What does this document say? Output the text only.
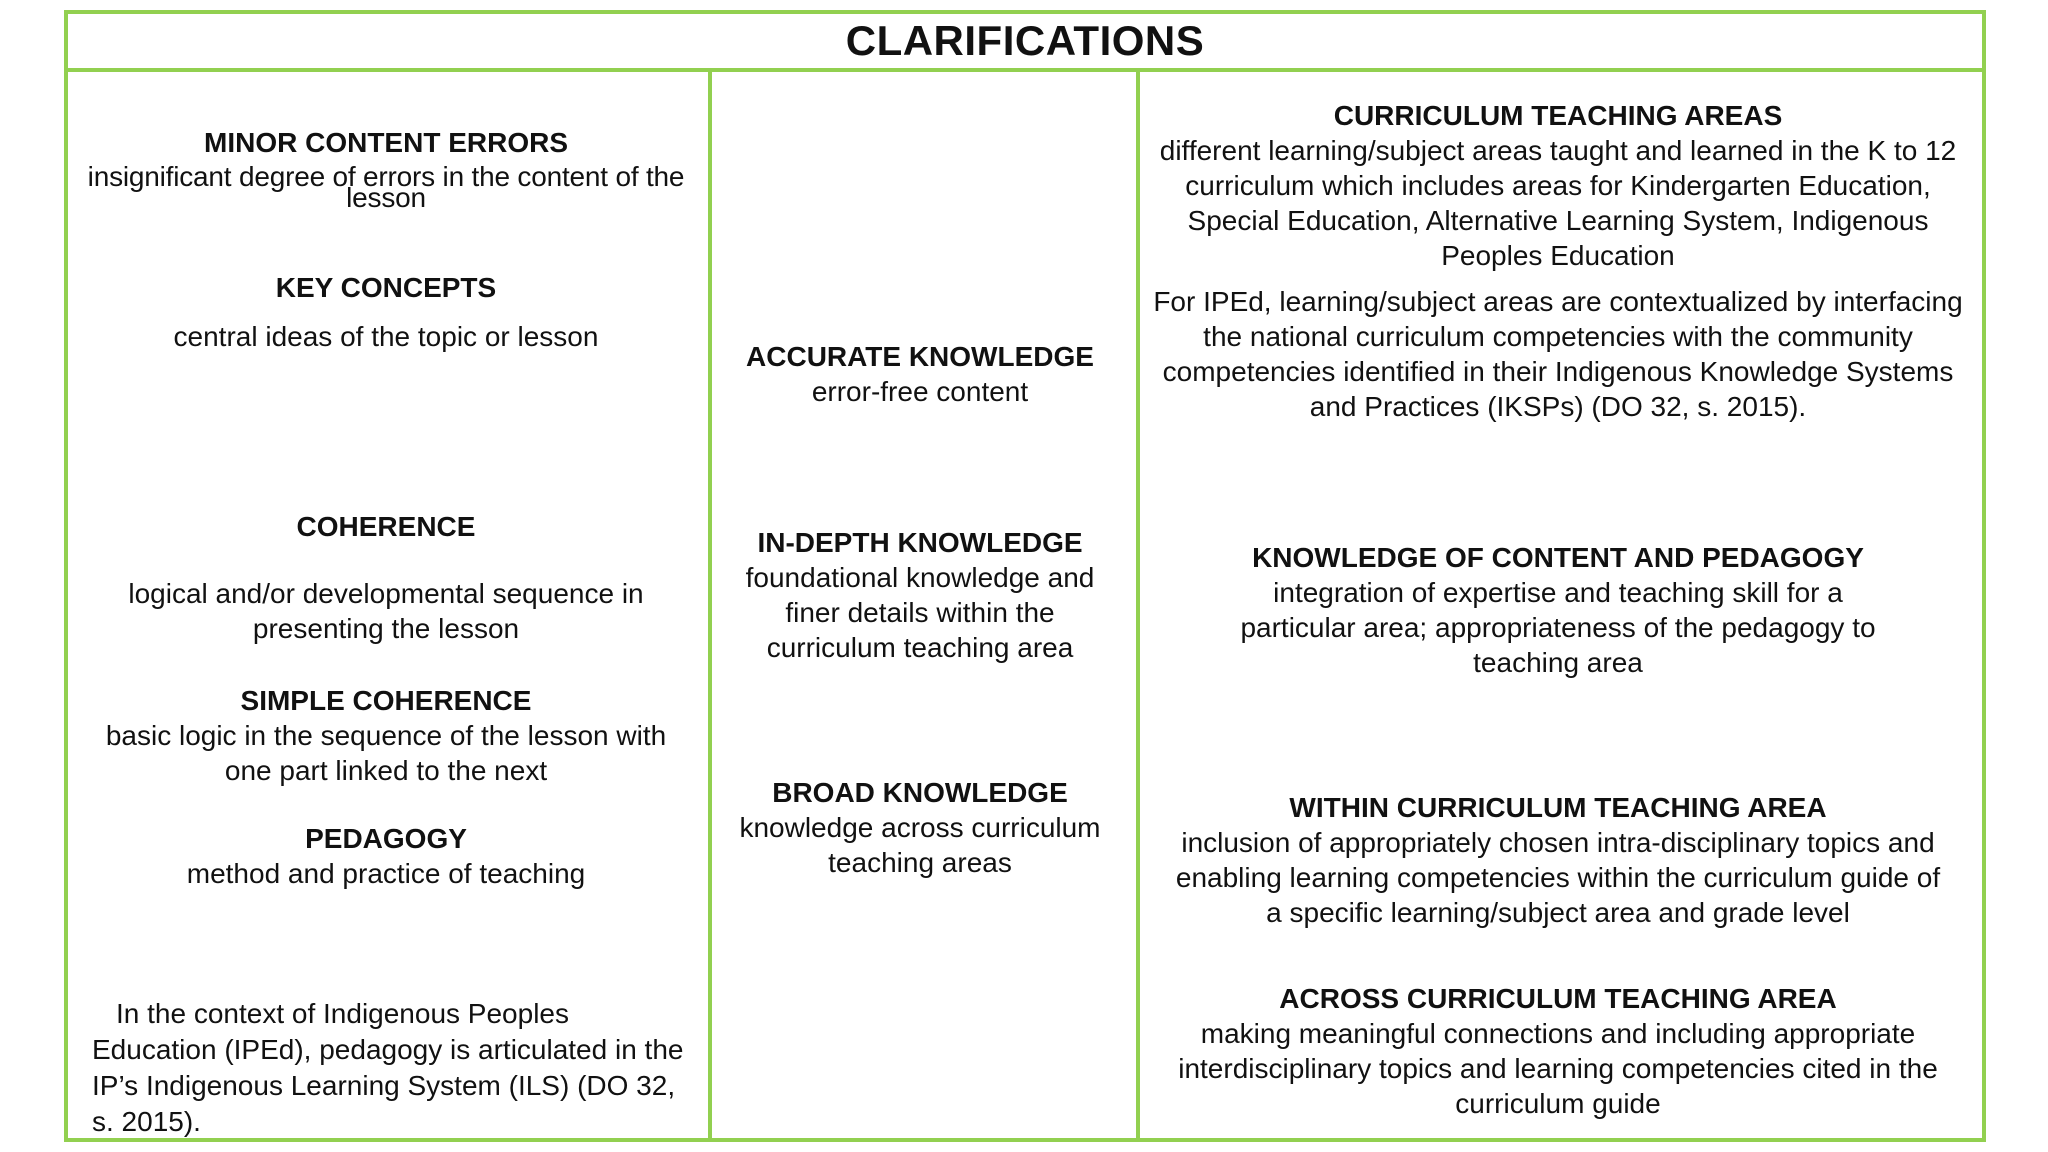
CLARIFICATIONS
MINOR CONTENT ERRORS
insignificant degree of errors in the content of the lesson
KEY CONCEPTS
central ideas of the topic or lesson
COHERENCE
logical and/or developmental sequence in presenting the lesson
SIMPLE COHERENCE
basic logic in the sequence of the lesson with one part linked to the next
PEDAGOGY
method and practice of teaching
In the context of Indigenous Peoples Education (IPEd), pedagogy is articulated in the IP’s Indigenous Learning System (ILS) (DO 32, s. 2015).
ACCURATE KNOWLEDGE
error-free content
IN-DEPTH KNOWLEDGE
foundational knowledge and finer details within the curriculum teaching area
BROAD KNOWLEDGE
knowledge across curriculum teaching areas
CURRICULUM TEACHING AREAS
different learning/subject areas taught and learned in the K to 12 curriculum which includes areas for Kindergarten Education, Special Education, Alternative Learning System, Indigenous Peoples Education
For IPEd, learning/subject areas are contextualized by interfacing the national curriculum competencies with the community competencies identified in their Indigenous Knowledge Systems and Practices (IKSPs) (DO 32, s. 2015).
KNOWLEDGE OF CONTENT AND PEDAGOGY
integration of expertise and teaching skill for a particular area; appropriateness of the pedagogy to teaching area
WITHIN CURRICULUM TEACHING AREA
inclusion of appropriately chosen intra-disciplinary topics and enabling learning competencies within the curriculum guide of a specific learning/subject area and grade level
ACROSS CURRICULUM TEACHING AREA
making meaningful connections and including appropriate interdisciplinary topics and learning competencies cited in the curriculum guide
